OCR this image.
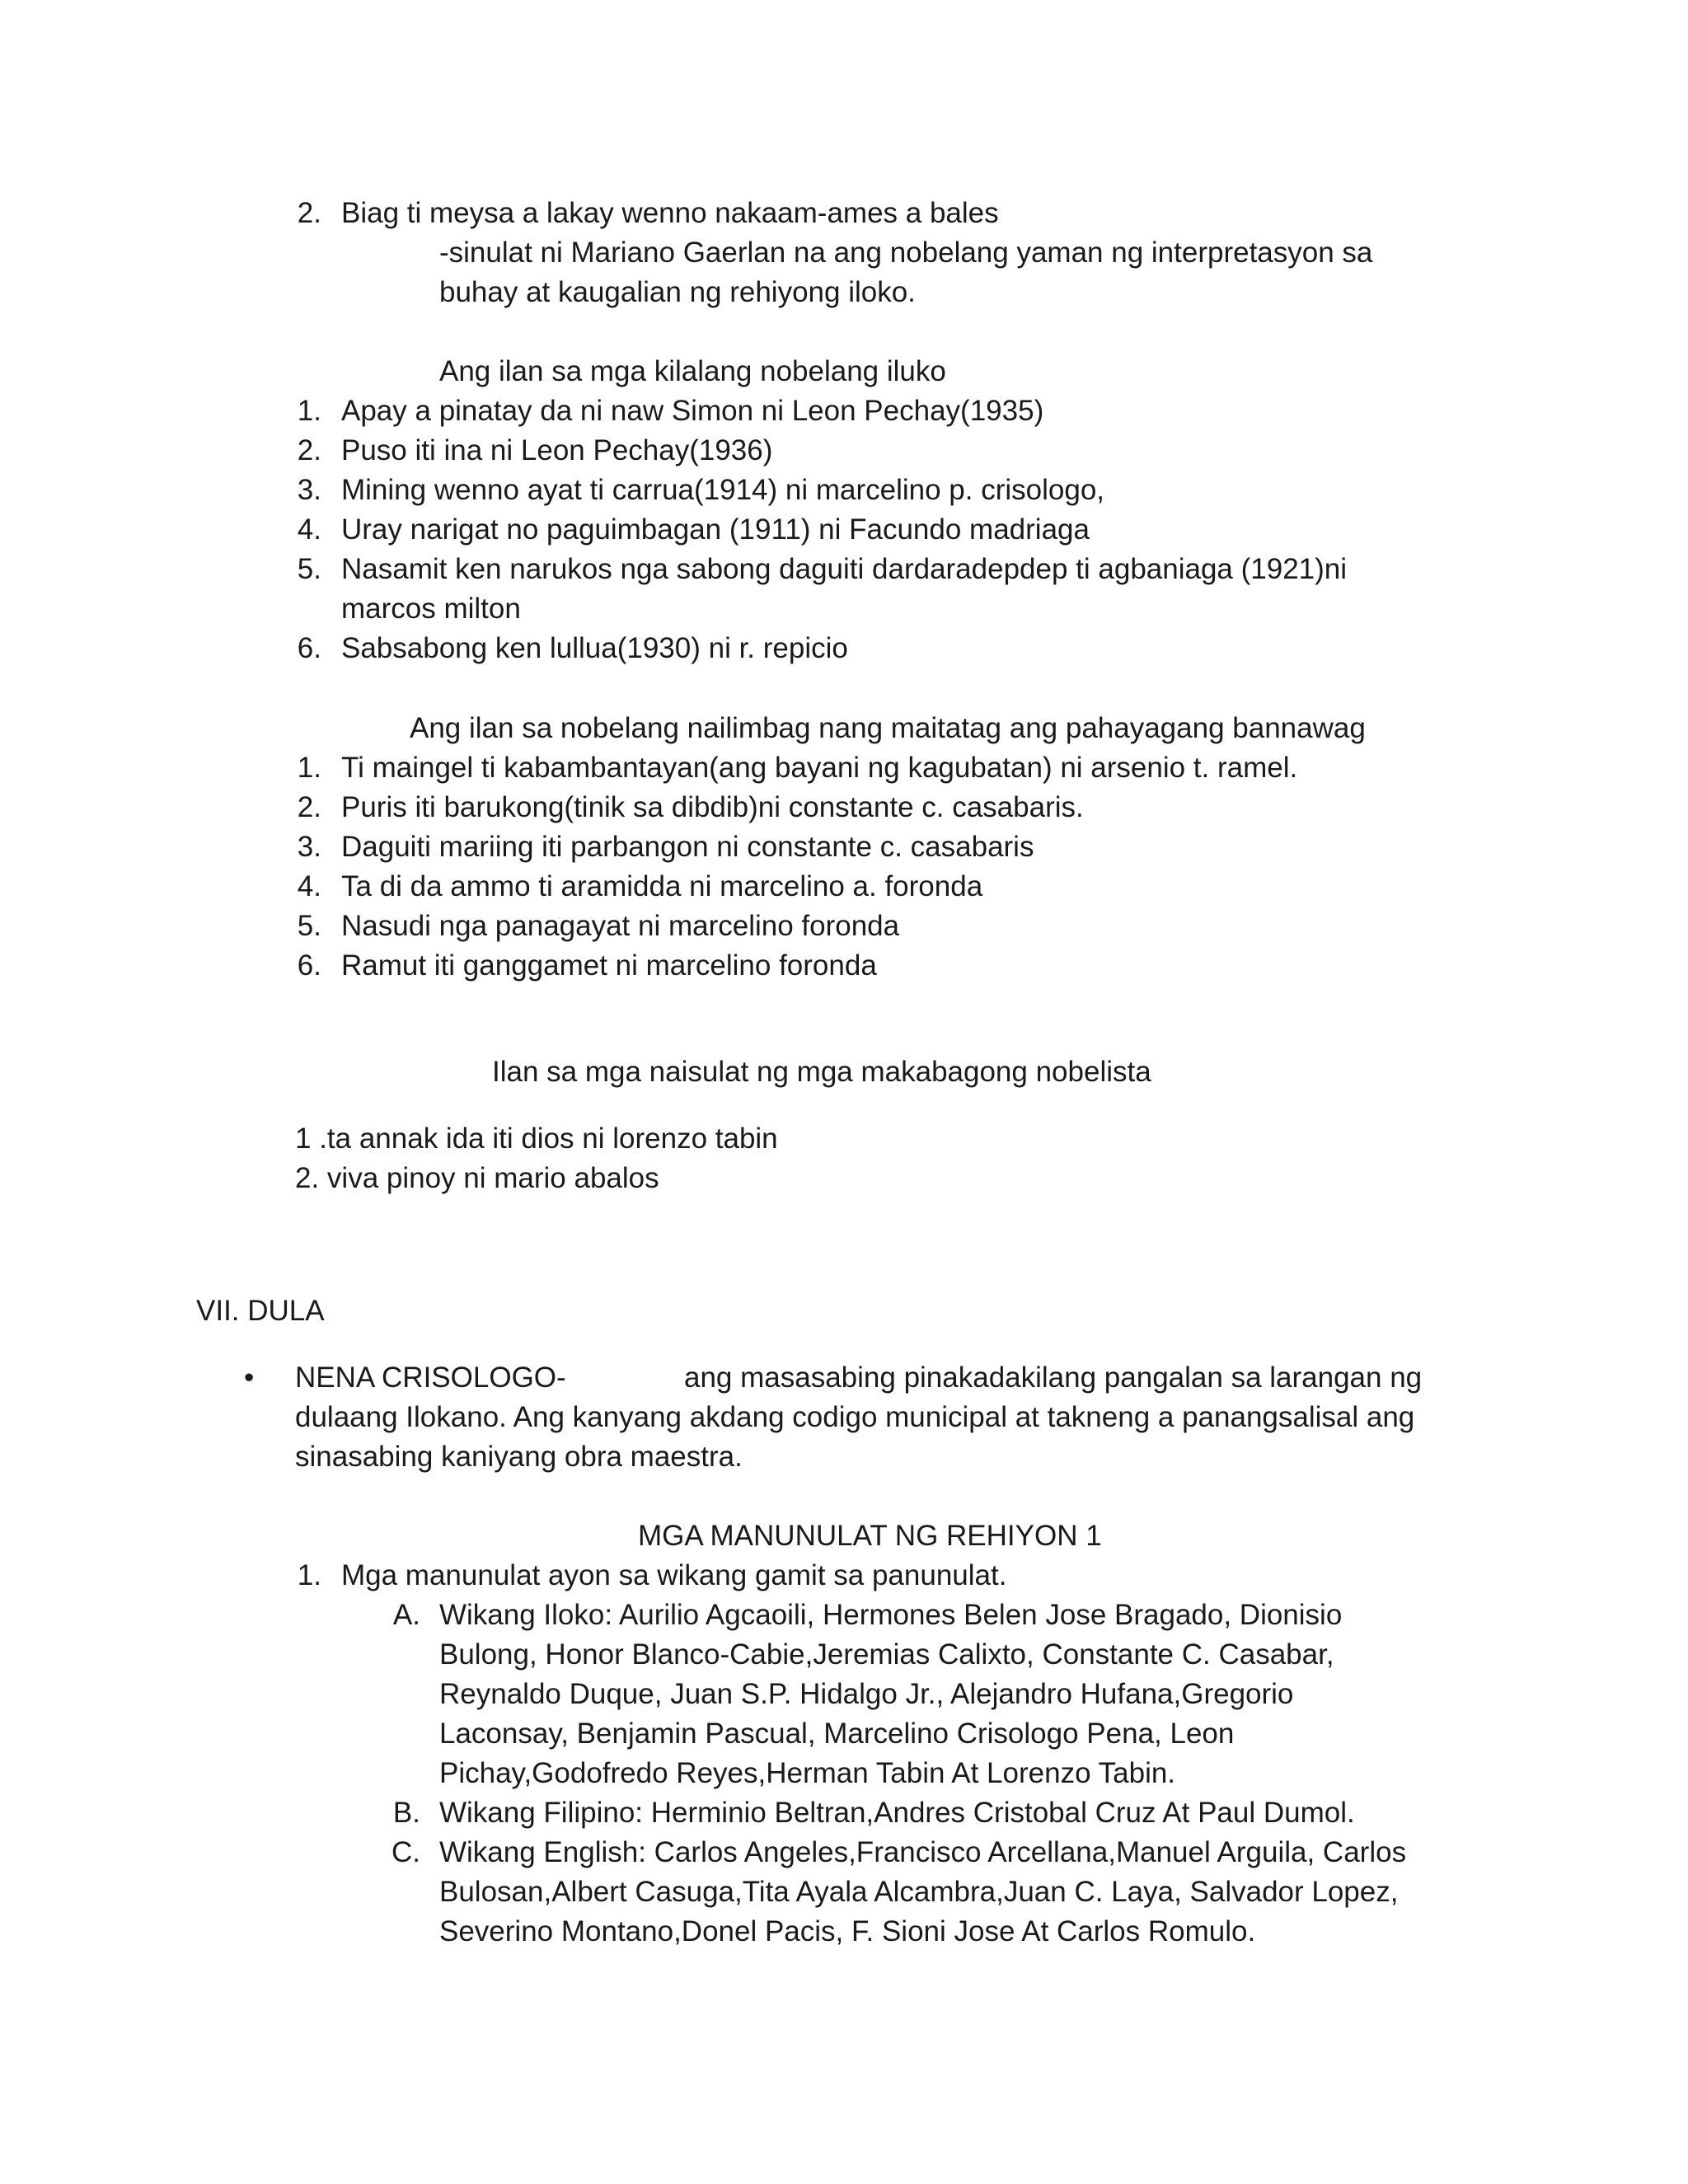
2. Biag ti meysa a lakay wenno nakaam-ames a bales
-sinulat ni Mariano Gaerlan na ang nobelang yaman ng interpretasyon sa
buhay at kaugalian ng rehiyong iloko.
Ang ilan sa mga kilalang nobelang iluko
1. Apay a pinatay da ni naw Simon ni Leon Pechay(1935)
2. Puso iti ina ni Leon Pechay(1936)
3. Mining wenno ayat ti carrua(1914) ni marcelino p. crisologo,
4. Uray narigat no paguimbagan (1911) ni Facundo madriaga
5. Nasamit ken narukos nga sabong daguiti dardaradepdep ti agbaniaga (1921)ni
marcos milton
6. Sabsabong ken lullua(1930) ni r. repicio
Ang ilan sa nobelang nailimbag nang maitatag ang pahayagang bannawag
1. Ti maingel ti kabambantayan(ang bayani ng kagubatan) ni arsenio t. ramel.
2. Puris iti barukong(tinik sa dibdib)ni constante c. casabaris.
3. Daguiti mariing iti parbangon ni constante c. casabaris
4. Ta di da ammo ti aramidda ni marcelino a. foronda
5. Nasudi nga panagayat ni marcelino foronda
6. Ramut iti ganggamet ni marcelino foronda
Ilan sa mga naisulat ng mga makabagong nobelista
1 .ta annak ida iti dios ni lorenzo tabin
2. viva pinoy ni mario abalos
VII. DULA
• NENA CRISOLOGO-	ang masasabing pinakadakilang pangalan sa larangan ng
dulaang Ilokano. Ang kanyang akdang codigo municipal at takneng a panangsalisal ang
sinasabing kaniyang obra maestra.
MGA MANUNULAT NG REHIYON 1
1. Mga manunulat ayon sa wikang gamit sa panunulat.
A. Wikang Iloko: Aurilio Agcaoili, Hermones Belen Jose Bragado, Dionisio
Bulong, Honor Blanco-Cabie,Jeremias Calixto, Constante C. Casabar,
Reynaldo Duque, Juan S.P. Hidalgo Jr., Alejandro Hufana,Gregorio
Laconsay, Benjamin Pascual, Marcelino Crisologo Pena, Leon
Pichay,Godofredo Reyes,Herman Tabin At Lorenzo Tabin.
B. Wikang Filipino: Herminio Beltran,Andres Cristobal Cruz At Paul Dumol.
C. Wikang English: Carlos Angeles,Francisco Arcellana,Manuel Arguila, Carlos
Bulosan,Albert Casuga,Tita Ayala Alcambra,Juan C. Laya, Salvador Lopez,
Severino Montano,Donel Pacis, F. Sioni Jose At Carlos Romulo.
